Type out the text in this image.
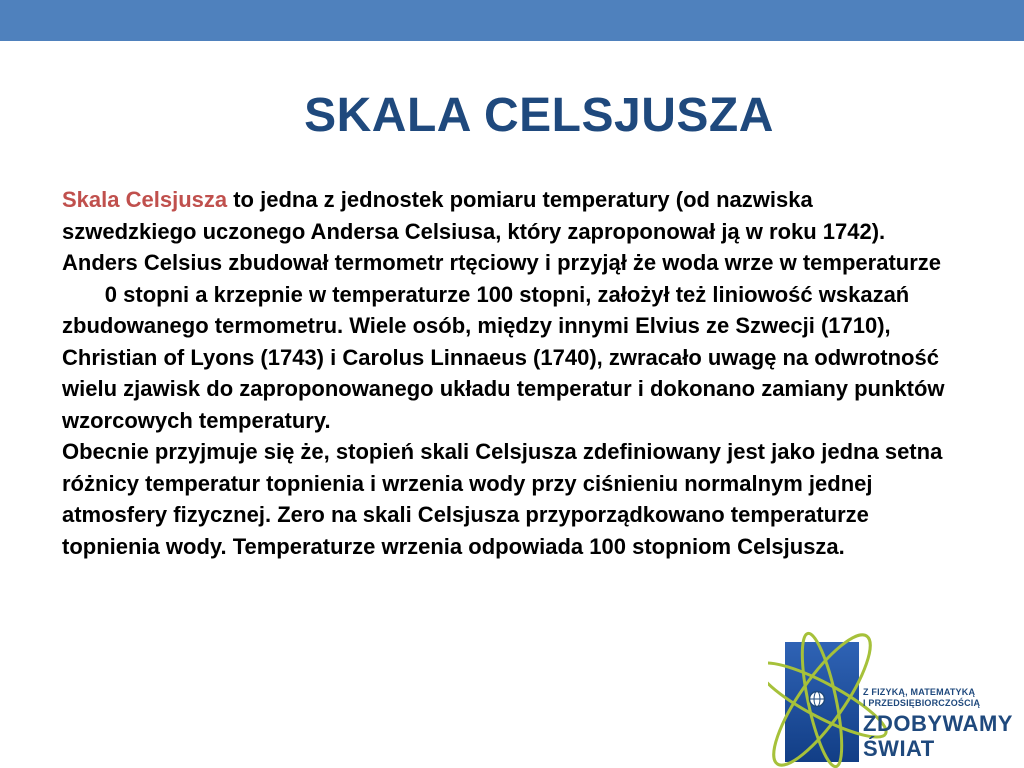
SKALA CELSJUSZA

Skala Celsjusza to jedna z jednostek pomiaru temperatury (od nazwiska szwedzkiego uczonego Andersa Celsiusa, który zaproponował ją w roku 1742).

Anders Celsius zbudował termometr rtęciowy i przyjął że woda wrze w temperaturze       0 stopni a krzepnie w temperaturze 100 stopni, założył też liniowość wskazań zbudowanego termometru. Wiele osób, między innymi Elvius ze Szwecji (1710), Christian of Lyons (1743) i Carolus Linnaeus (1740), zwracało uwagę na odwrotność wielu zjawisk do zaproponowanego układu temperatur i dokonano zamiany punktów wzorcowych temperatury.

Obecnie przyjmuje się że, stopień skali Celsjusza zdefiniowany jest jako jedna setna różnicy temperatur topnienia i wrzenia wody przy ciśnieniu normalnym jednej atmosfery fizycznej. Zero na skali Celsjusza przyporządkowano temperaturze topnienia wody. Temperaturze wrzenia odpowiada 100 stopniom Celsjusza.

Z FIZYKĄ, MATEMATYKĄ
I PRZEDSIĘBIORCZOŚCIĄ
ZDOBYWAMY
ŚWIAT
